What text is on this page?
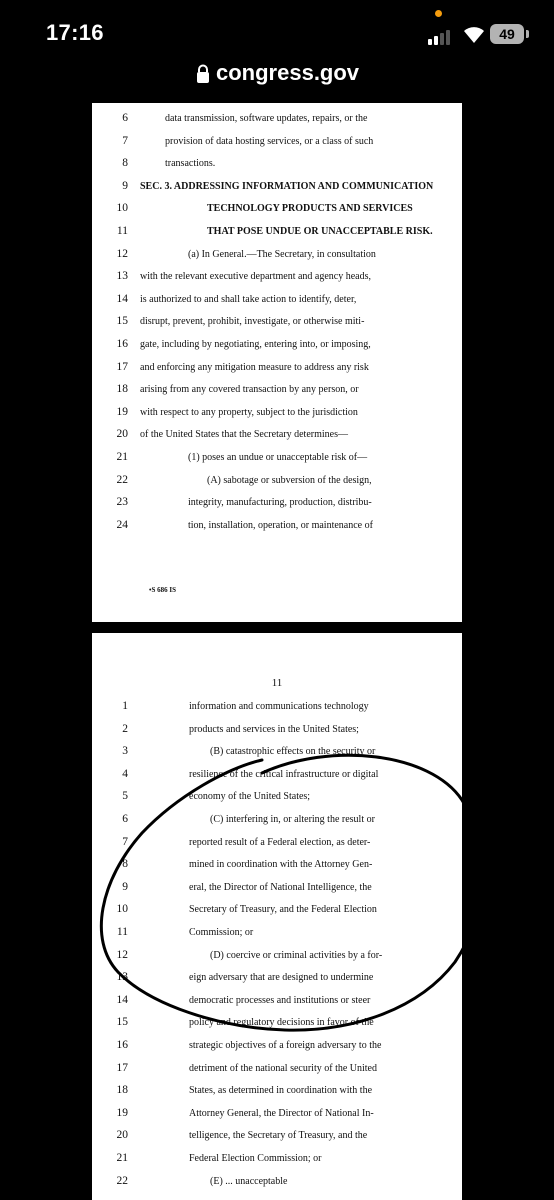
17:16	49
congress.gov
6	data transmission, software updates, repairs, or the
7	provision of data hosting services, or a class of such
8	transactions.
9 SEC. 3. ADDRESSING INFORMATION AND COMMUNICATION
10	TECHNOLOGY PRODUCTS AND SERVICES
11	THAT POSE UNDUE OR UNACCEPTABLE RISK.
12	(a) In General.—The Secretary, in consultation
13 with the relevant executive department and agency heads,
14 is authorized to and shall take action to identify, deter,
15 disrupt, prevent, prohibit, investigate, or otherwise miti-
16 gate, including by negotiating, entering into, or imposing,
17 and enforcing any mitigation measure to address any risk
18 arising from any covered transaction by any person, or
19 with respect to any property, subject to the jurisdiction
20 of the United States that the Secretary determines—
21	(1) poses an undue or unacceptable risk of—
22	(A) sabotage or subversion of the design,
23	integrity, manufacturing, production, distribu-
24	tion, installation, operation, or maintenance of
•S 686 IS
11
1	information and communications technology
2	products and services in the United States;
3	(B) catastrophic effects on the security or
4	resilience of the critical infrastructure or digital
5	economy of the United States;
6	(C) interfering in, or altering the result or
7	reported result of a Federal election, as deter-
8	mined in coordination with the Attorney Gen-
9	eral, the Director of National Intelligence, the
10	Secretary of Treasury, and the Federal Election
11	Commission; or
12	(D) coercive or criminal activities by a for-
13	eign adversary that are designed to undermine
14	democratic processes and institutions or steer
15	policy and regulatory decisions in favor of the
16	strategic objectives of a foreign adversary to the
17	detriment of the national security of the United
18	States, as determined in coordination with the
19	Attorney General, the Director of National In-
20	telligence, the Secretary of Treasury, and the
21	Federal Election Commission; or
22	(E) ... unacceptable
